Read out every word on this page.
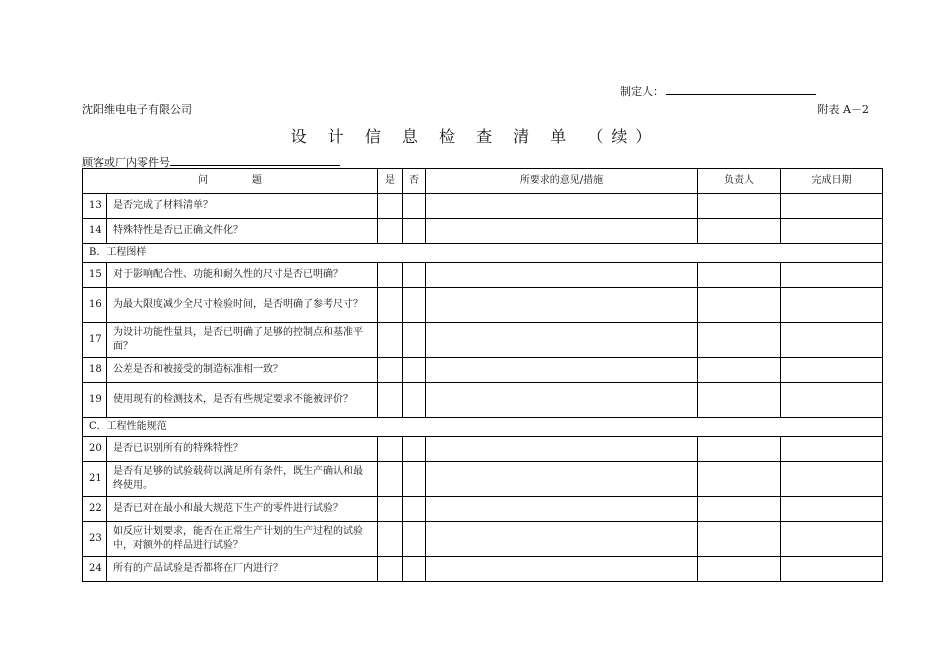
制定人：
沈阳维电电子有限公司	附表 A－2
设 计 信 息 检 查 清 单 （续）
顾客或厂内零件号
问 题		是	否	所要求的意见/措施	负责人	完成日期
13	是否完成了材料清单？					
14	特殊特性是否已正确文件化？					
B．工程图样						
15	对于影响配合性、功能和耐久性的尺寸是否已明确？					
16	为最大限度减少全尺寸检验时间，是否明确了参考尺寸？					
17	为设计功能性量具，是否已明确了足够的控制点和基准平面？					
18	公差是否和被接受的制造标准相一致？					
19	使用现有的检测技术，是否有些规定要求不能被评价？					
C．工程性能规范						
20	是否已识别所有的特殊特性？					
21	是否有足够的试验载荷以满足所有条件，既生产确认和最终使用。					
22	是否已对在最小和最大规范下生产的零件进行试验？					
23	如反应计划要求，能否在正常生产计划的生产过程的试验中，对额外的样品进行试验？					
24	所有的产品试验是否都将在厂内进行？					
